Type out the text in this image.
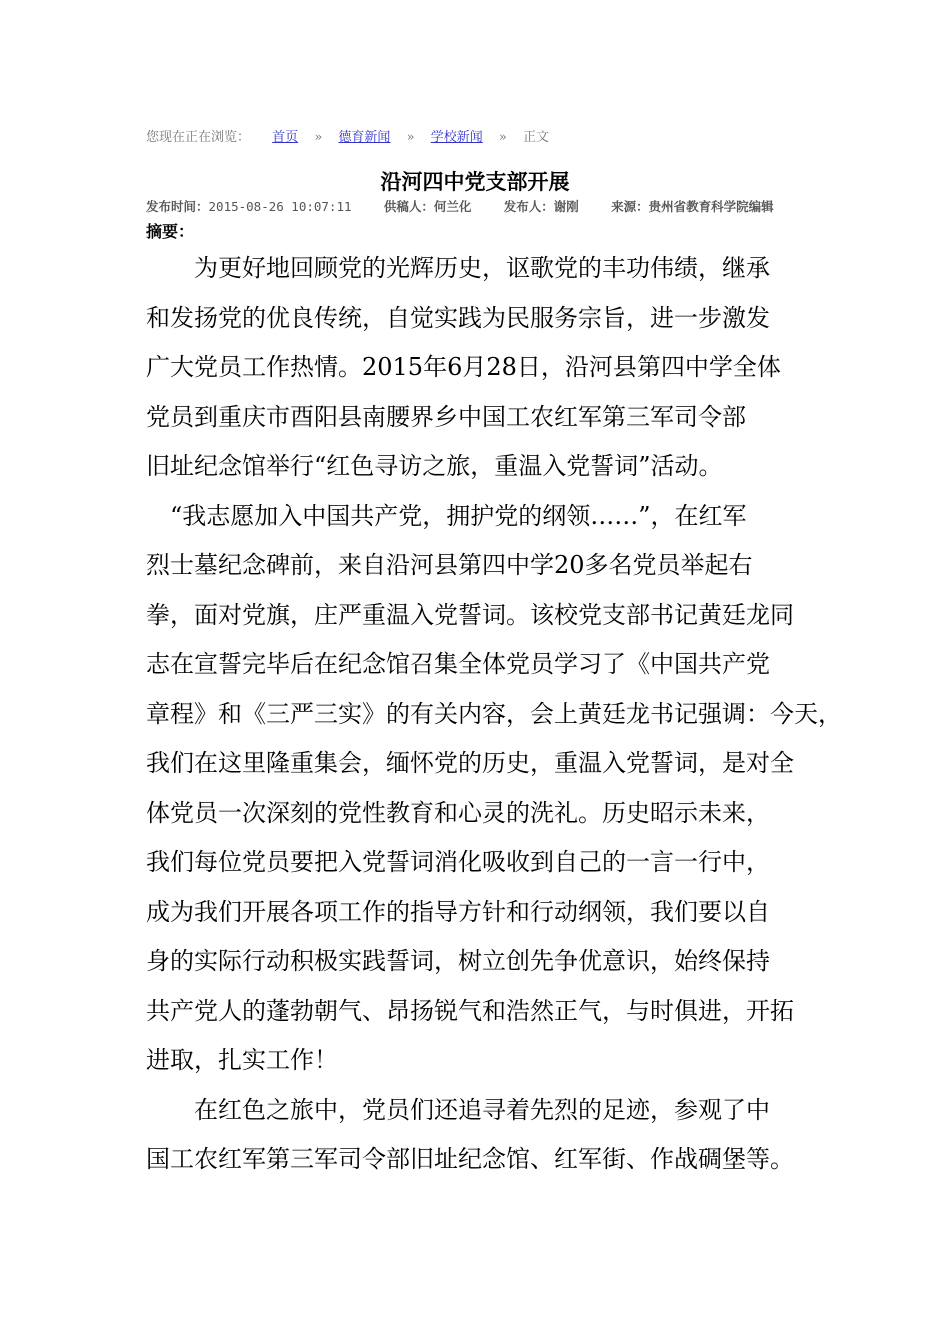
您现在正在浏览： 首页 » 德育新闻 » 学校新闻 » 正文
沿河四中党支部开展
发布时间：2015-08-26 10:07:11	供稿人：何兰化	发布人：谢刚	来源：贵州省教育科学院编辑
摘要：
　　为更好地回顾党的光辉历史，讴歌党的丰功伟绩，继承
和发扬党的优良传统，自觉实践为民服务宗旨，进一步激发
广大党员工作热情。2015年6月28日，沿河县第四中学全体
党员到重庆市酉阳县南腰界乡中国工农红军第三军司令部
旧址纪念馆举行“红色寻访之旅，重温入党誓词”活动。
　“我志愿加入中国共产党，拥护党的纲领……”，在红军
烈士墓纪念碑前，来自沿河县第四中学20多名党员举起右
拳，面对党旗，庄严重温入党誓词。该校党支部书记黄廷龙同
志在宣誓完毕后在纪念馆召集全体党员学习了《中国共产党
章程》和《三严三实》的有关内容，会上黄廷龙书记强调：今天，
我们在这里隆重集会，缅怀党的历史，重温入党誓词，是对全
体党员一次深刻的党性教育和心灵的洗礼。历史昭示未来，
我们每位党员要把入党誓词消化吸收到自己的一言一行中，
成为我们开展各项工作的指导方针和行动纲领，我们要以自
身的实际行动积极实践誓词，树立创先争优意识，始终保持
共产党人的蓬勃朝气、昂扬锐气和浩然正气，与时俱进，开拓
进取，扎实工作！
　　在红色之旅中，党员们还追寻着先烈的足迹，参观了中
国工农红军第三军司令部旧址纪念馆、红军街、作战碉堡等。
